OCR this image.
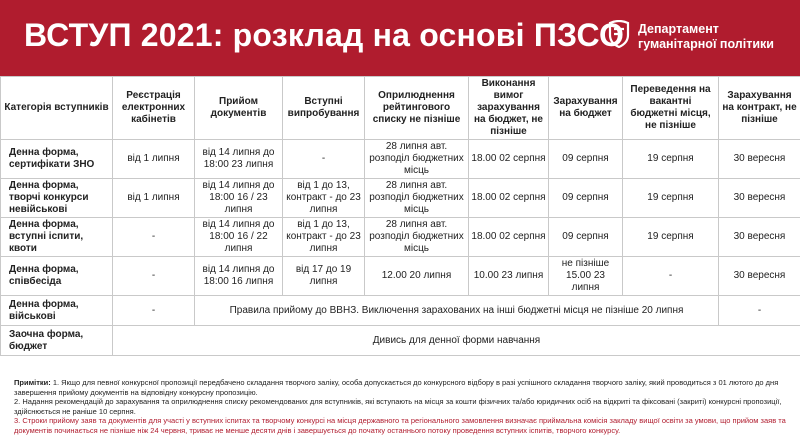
ВСТУП 2021: розклад на основі ПЗСО Департамент
гуманітарної політики
Категорія вступників	Реєстрація електронних кабінетів	Прийом документів	Вступні випробування	Оприлюднення рейтингового списку не пізніше	Виконання вимог зарахування на бюджет, не пізніше	Зарахування на бюджет	Переведення на вакантні бюджетні місця, не пізніше	Зарахування на контракт, не пізніше
Денна форма, сертифікати ЗНО	від 1 липня	від 14 липня до 18:00 23 липня	-	28 липня авт. розподіл бюджетних місць	18.00 02 серпня	09 серпня	19 серпня	30 вересня
Денна форма, творчі конкурси невійськові	від 1 липня	від 14 липня до 18:00 16 / 23 липня	від 1 до 13, контракт - до 23 липня	28 липня авт. розподіл бюджетних місць	18.00 02 серпня	09 серпня	19 серпня	30 вересня
Денна форма, вступні іспити, квоти	-	від 14 липня до 18:00 16 / 22 липня	від 1 до 13, контракт - до 23 липня	28 липня авт. розподіл бюджетних місць	18.00 02 серпня	09 серпня	19 серпня	30 вересня
Денна форма, співбесіда	-	від 14 липня до 18:00 16 липня	від 17 до 19 липня	12.00 20 липня	10.00 23 липня	не пізніше 15.00 23 липня	-	30 вересня
Денна форма, військові	-	Правила прийому до ВВНЗ. Виключення зарахованих на інші бюджетні місця не пізніше 20 липня						-
Заочна форма, бюджет	Дивись для денної форми навчання							
Примітки: 1. Якщо для певної конкурсної пропозиції передбачено складання творчого заліку, особа допускається до конкурсного відбору в разі успішного складання творчого заліку, який проводиться з 01 лютого до дня завершення прийому документів на відповідну конкурсну пропозицію.
2. Надання рекомендацій до зарахування та оприлюднення списку рекомендованих для вступників, які вступають на місця за кошти фізичних та/або юридичних осіб на відкриті та фіксовані (закриті) конкурсні пропозиції, здійснюється не раніше 10 серпня.
3. Строки прийому заяв та документів для участі у вступних іспитах та творчому конкурсі на місця державного та регіонального замовлення визначає приймальна комісія закладу вищої освіти за умови, що прийом заяв та документів починається не пізніше ніж 24 червня, триває не менше десяти днів і завершується до початку останнього потоку проведення вступних іспитів, творчого конкурсу.
